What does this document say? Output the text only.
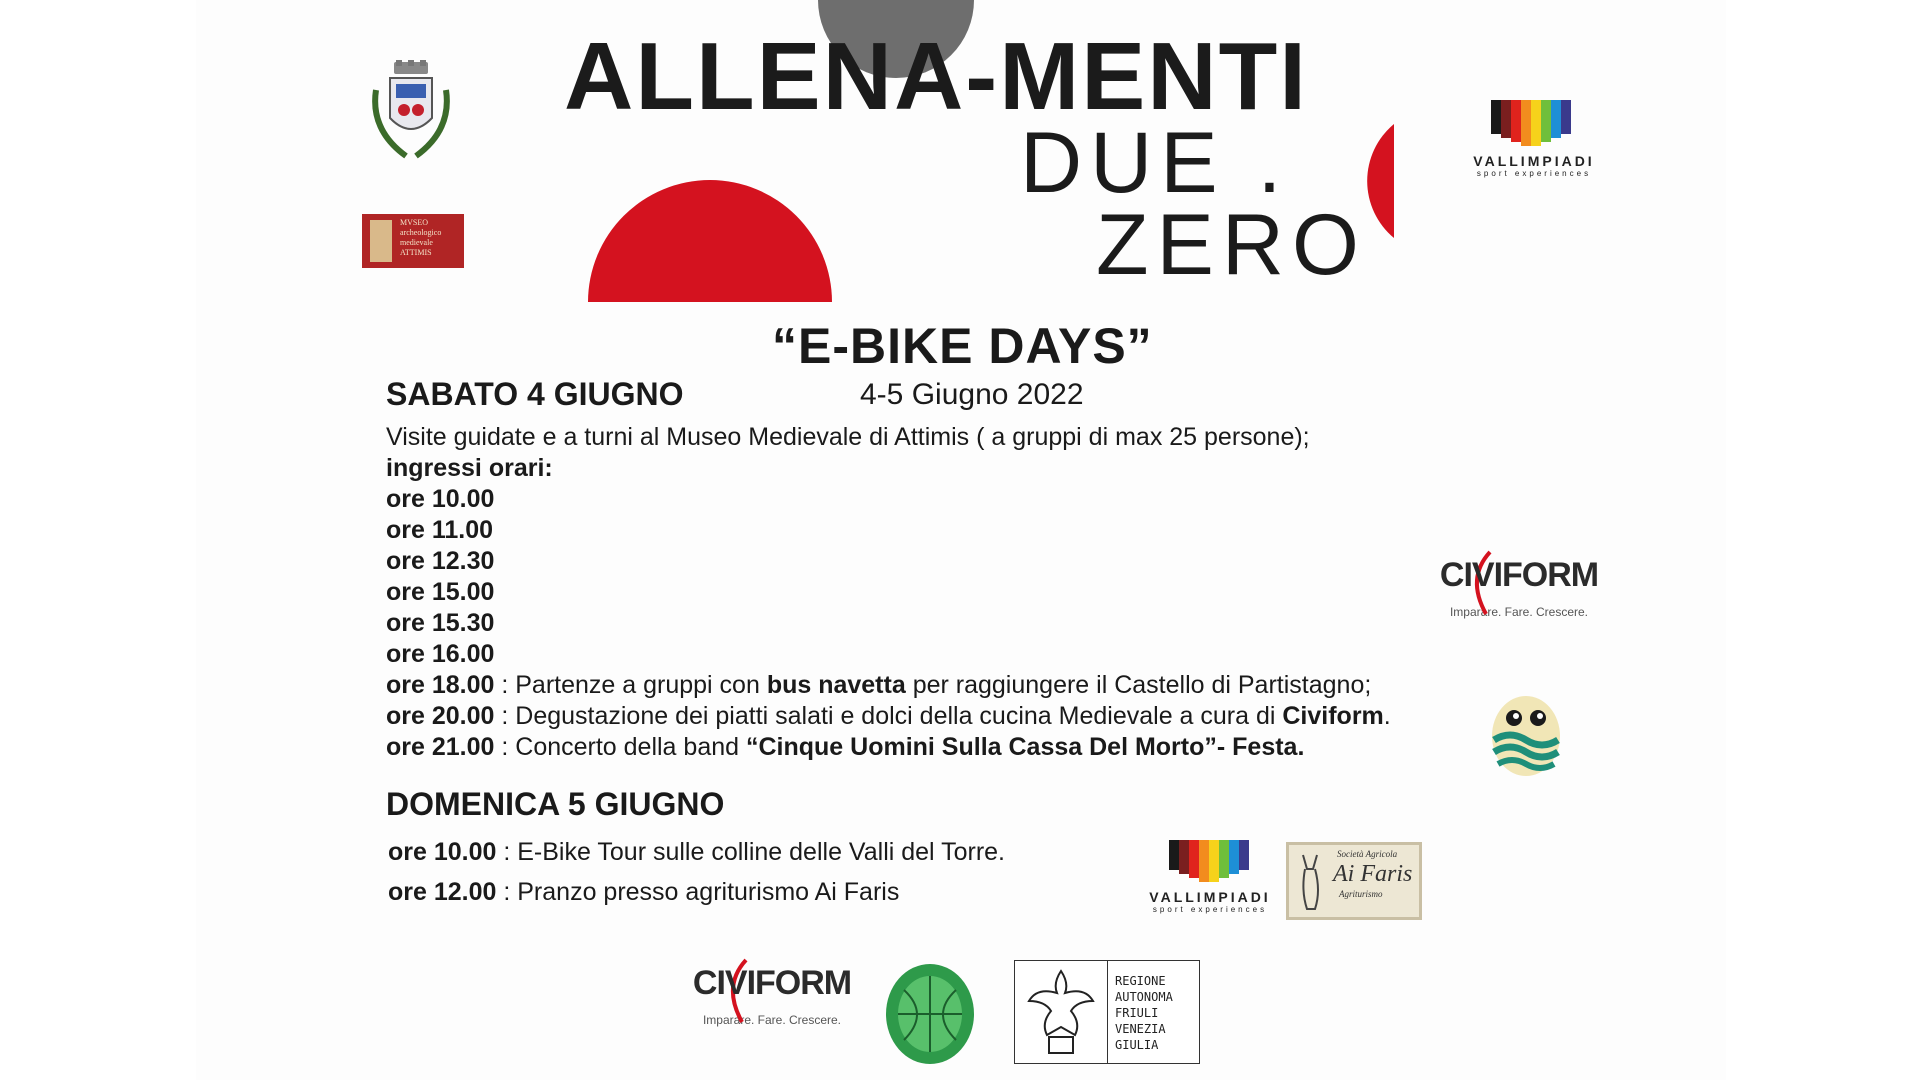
ALLENA-MENTI
DUE .
ZERO
MVSEO
archeologico
medievale
ATTIMIS
VALLIMPIADI
sport experiences
“E-BIKE DAYS”
4-5 Giugno 2022
SABATO 4 GIUGNO
Visite guidate e a turni al Museo Medievale di Attimis ( a gruppi di max 25 persone);
ingressi orari:
ore 10.00
ore 11.00
ore 12.30
ore 15.00
ore 15.30
ore 16.00
ore 18.00 : Partenze a gruppi con bus navetta per raggiungere il Castello di Partistagno;
ore 20.00 : Degustazione dei piatti salati e dolci della cucina Medievale a cura di Civiform.
ore 21.00 : Concerto della band “Cinque Uomini Sulla Cassa Del Morto”- Festa.
DOMENICA 5 GIUGNO
ore 10.00 : E-Bike Tour sulle colline delle Valli del Torre.
ore 12.00 : Pranzo presso agriturismo Ai Faris
CIVIFORM
Imparare. Fare. Crescere.
VALLIMPIADI
sport experiences
Società Agricola
Ai Faris
Agriturismo
CIVIFORM
Imparare. Fare. Crescere.
REGIONE
AUTONOMA
FRIULI
VENEZIA
GIULIA
